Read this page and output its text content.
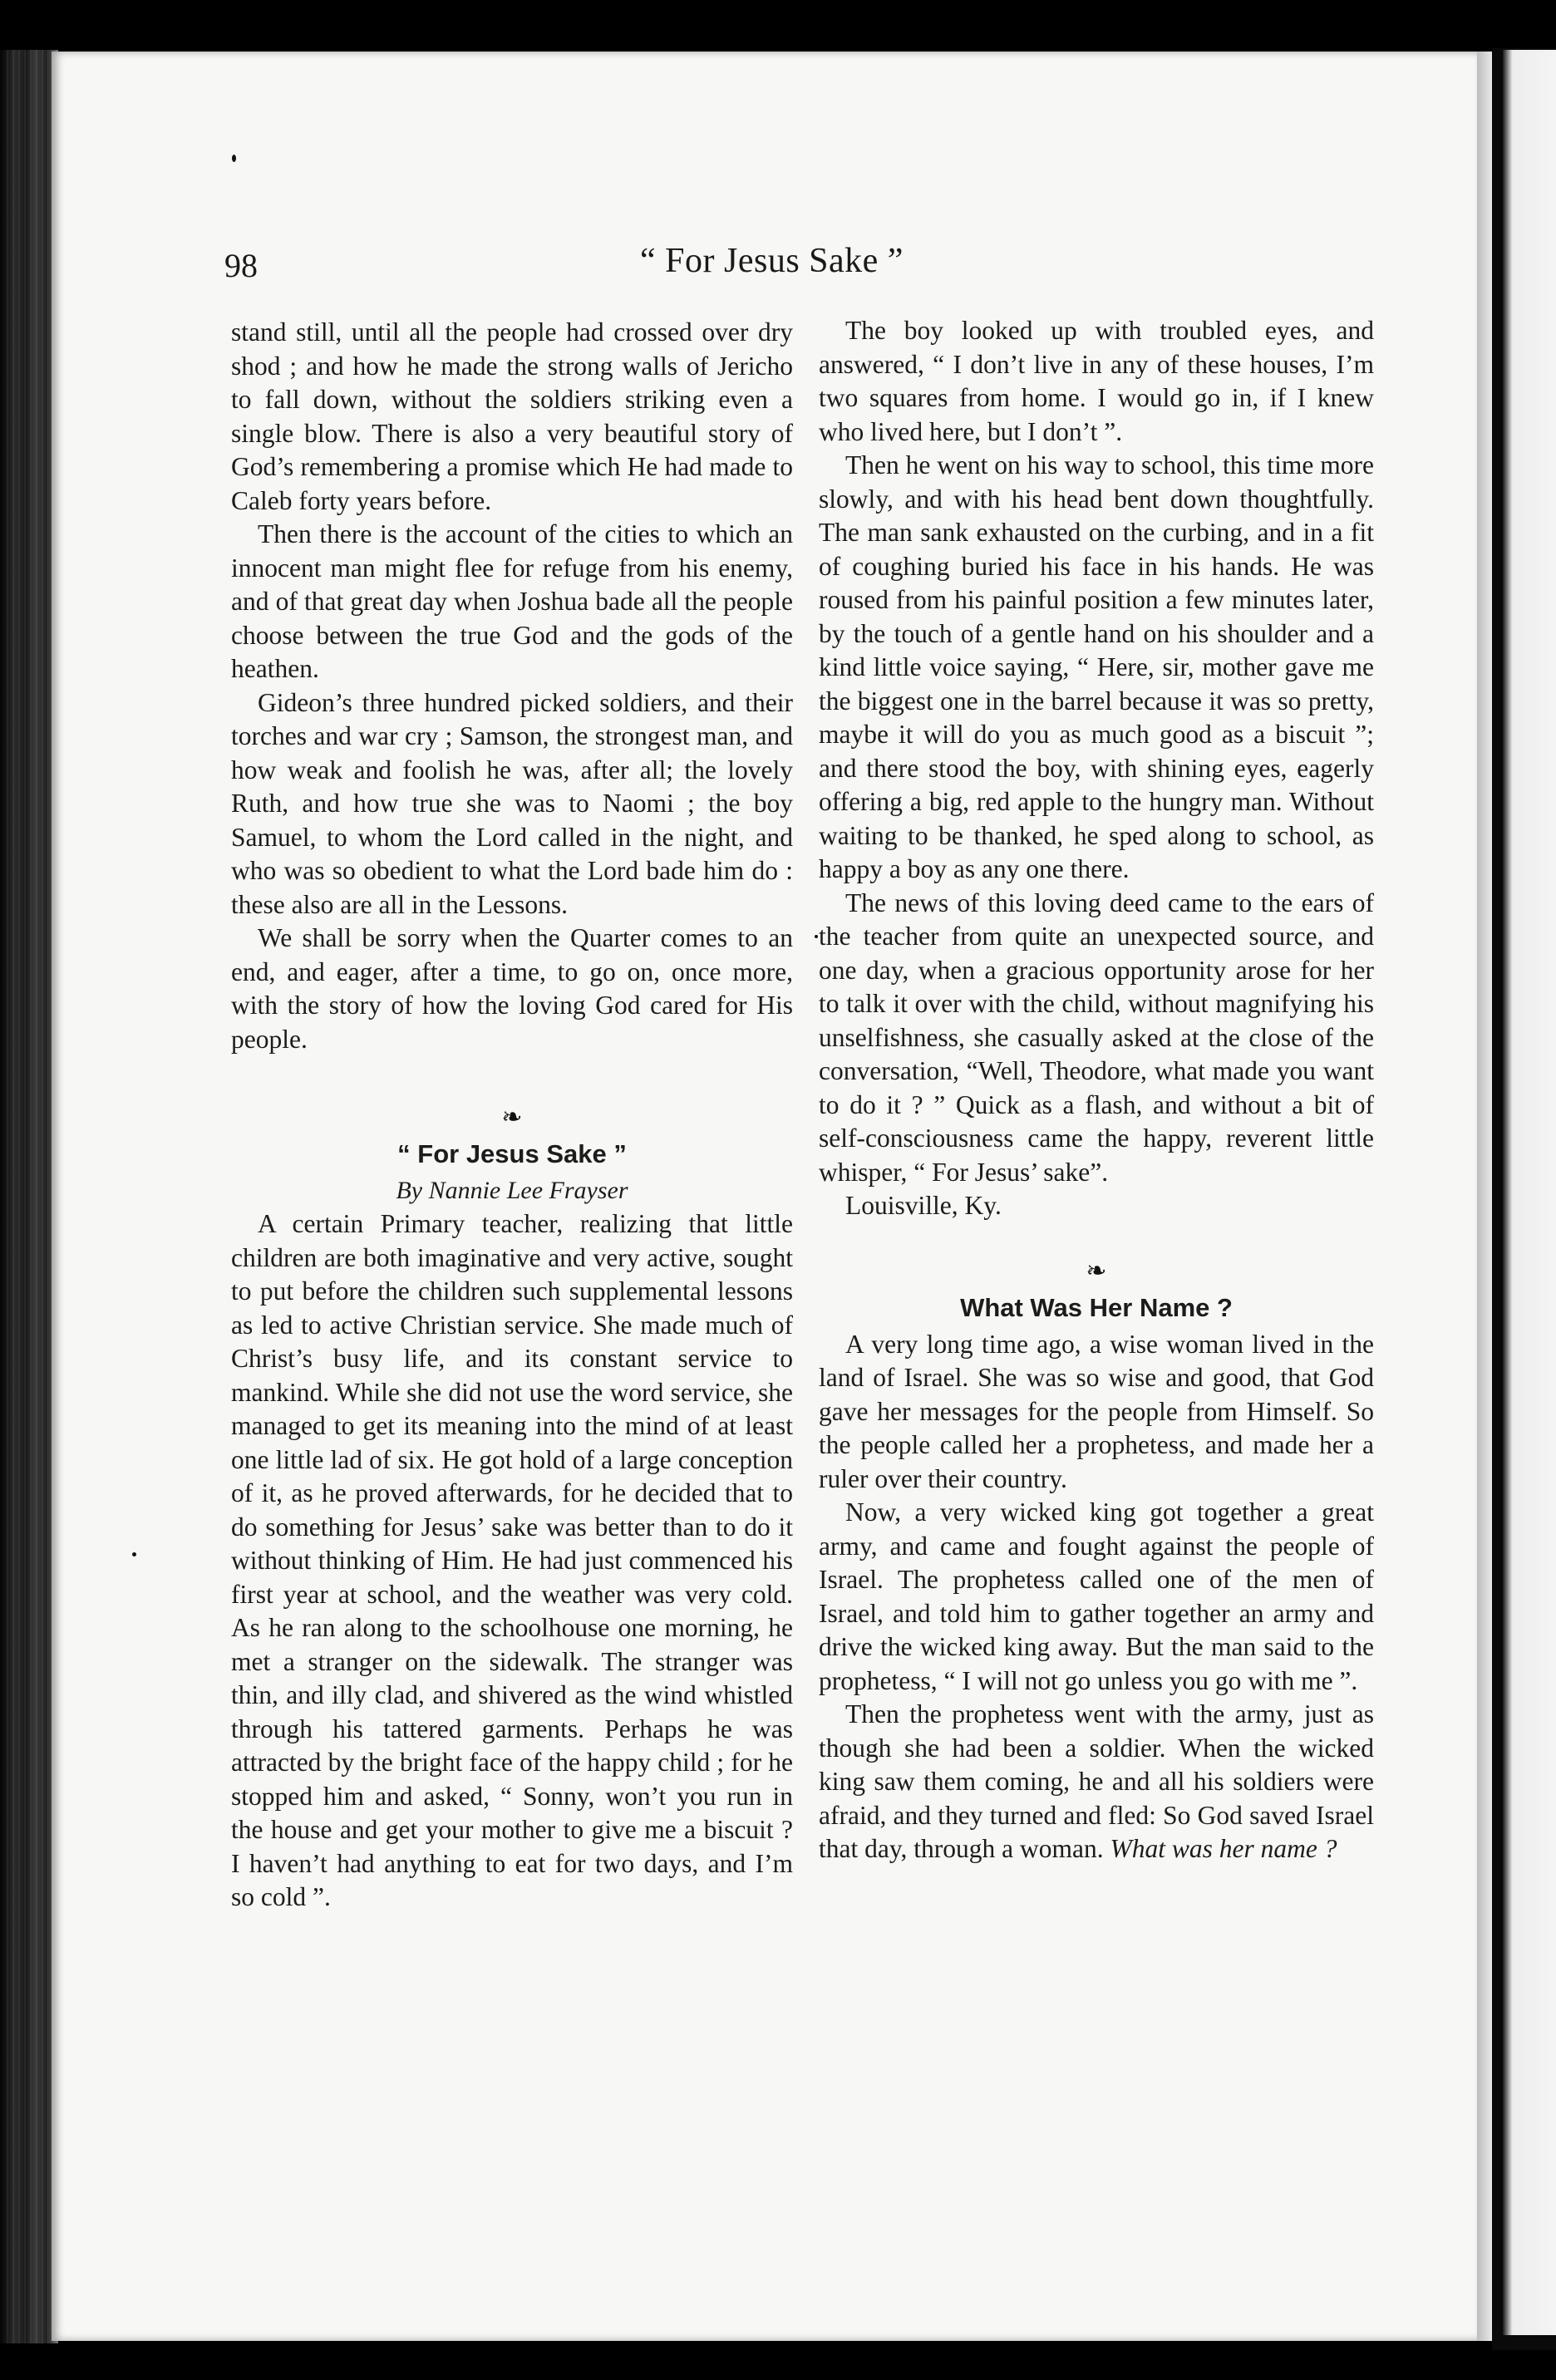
98	“ For Jesus Sake ”

stand still, until all the people had crossed over dry shod ; and how he made the strong walls of Jericho to fall down, without the soldiers striking even a single blow. There is also a very beautiful story of God’s remembering a promise which He had made to Caleb forty years before.

Then there is the account of the cities to which an innocent man might flee for refuge from his enemy, and of that great day when Joshua bade all the people choose between the true God and the gods of the heathen.

Gideon’s three hundred picked soldiers, and their torches and war cry ; Samson, the strongest man, and how weak and foolish he was, after all; the lovely Ruth, and how true she was to Naomi ; the boy Samuel, to whom the Lord called in the night, and who was so obedient to what the Lord bade him do : these also are all in the Lessons.

We shall be sorry when the Quarter comes to an end, and eager, after a time, to go on, once more, with the story of how the loving God cared for His people.

❧
“ For Jesus Sake ”
By Nannie Lee Frayser

A certain Primary teacher, realizing that little children are both imaginative and very active, sought to put before the children such supplemental lessons as led to active Christian service. She made much of Christ’s busy life, and its constant service to mankind. While she did not use the word service, she managed to get its meaning into the mind of at least one little lad of six. He got hold of a large conception of it, as he proved afterwards, for he decided that to do something for Jesus’ sake was better than to do it without thinking of Him. He had just commenced his first year at school, and the weather was very cold. As he ran along to the schoolhouse one morning, he met a stranger on the sidewalk. The stranger was thin, and illy clad, and shivered as the wind whistled through his tattered garments. Perhaps he was attracted by the bright face of the happy child ; for he stopped him and asked, “ Sonny, won’t you run in the house and get your mother to give me a biscuit ? I haven’t had anything to eat for two days, and I’m so cold ”.

The boy looked up with troubled eyes, and answered, “ I don’t live in any of these houses, I’m two squares from home. I would go in, if I knew who lived here, but I don’t ”.

Then he went on his way to school, this time more slowly, and with his head bent down thoughtfully. The man sank exhausted on the curbing, and in a fit of coughing buried his face in his hands. He was roused from his painful position a few minutes later, by the touch of a gentle hand on his shoulder and a kind little voice saying, “ Here, sir, mother gave me the biggest one in the barrel because it was so pretty, maybe it will do you as much good as a biscuit ”; and there stood the boy, with shining eyes, eagerly offering a big, red apple to the hungry man. Without waiting to be thanked, he sped along to school, as happy a boy as any one there.

The news of this loving deed came to the ears of the teacher from quite an unexpected source, and one day, when a gracious opportunity arose for her to talk it over with the child, without magnifying his unselfishness, she casually asked at the close of the conversation, “Well, Theodore, what made you want to do it ? ” Quick as a flash, and without a bit of self-consciousness came the happy, reverent little whisper, “ For Jesus’ sake”.

Louisville, Ky.

❧
What Was Her Name ?

A very long time ago, a wise woman lived in the land of Israel. She was so wise and good, that God gave her messages for the people from Himself. So the people called her a prophetess, and made her a ruler over their country.

Now, a very wicked king got together a great army, and came and fought against the people of Israel. The prophetess called one of the men of Israel, and told him to gather together an army and drive the wicked king away. But the man said to the prophetess, “ I will not go unless you go with me ”.

Then the prophetess went with the army, just as though she had been a soldier. When the wicked king saw them coming, he and all his soldiers were afraid, and they turned and fled: So God saved Israel that day, through a woman. What was her name ?
